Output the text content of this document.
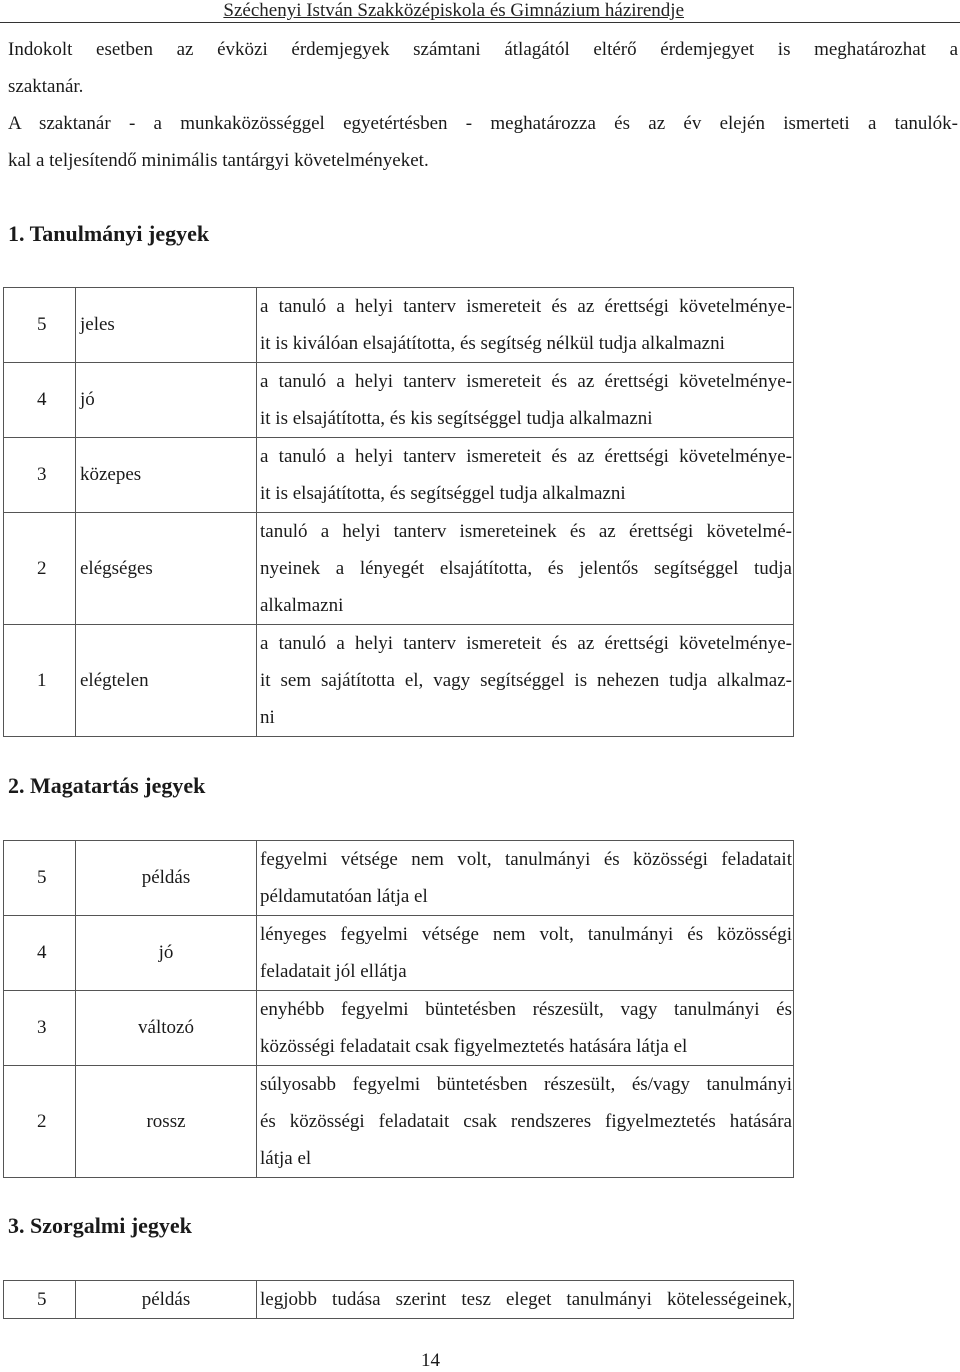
Széchenyi István Szakközépiskola és Gimnázium házirendje
Indokolt esetben az évközi érdemjegyek számtani átlagától eltérő érdemjegyet is meghatározhat a
szaktanár.
A szaktanár - a munkaközösséggel egyetértésben - meghatározza és az év elején ismerteti a tanulók-
kal a teljesítendő minimális tantárgyi követelményeket.
1. Tanulmányi jegyek
5	jeles	a tanuló a helyi tanterv ismereteit és az érettségi követelménye-
it is kiválóan elsajátította, és segítség nélkül tudja alkalmazni

4	jó	a tanuló a helyi tanterv ismereteit és az érettségi követelménye-
it is elsajátította, és kis segítséggel tudja alkalmazni

3	közepes	a tanuló a helyi tanterv ismereteit és az érettségi követelménye-
it is elsajátította, és segítséggel tudja alkalmazni

2	elégséges	tanuló a helyi tanterv ismereteinek és az érettségi követelmé-
nyeinek a lényegét elsajátította, és jelentős segítséggel tudja
alkalmazni

1	elégtelen	a tanuló a helyi tanterv ismereteit és az érettségi követelménye-
it sem sajátította el, vagy segítséggel is nehezen tudja alkalmaz-
ni
2. Magatartás jegyek
5	példás	fegyelmi vétsége nem volt, tanulmányi és közösségi feladatait
példamutatóan látja el

4	jó	lényeges fegyelmi vétsége nem volt, tanulmányi és közösségi
feladatait jól ellátja

3	változó	enyhébb fegyelmi büntetésben részesült, vagy tanulmányi és
közösségi feladatait csak figyelmeztetés hatására látja el

2	rossz	súlyosabb fegyelmi büntetésben részesült, és/vagy tanulmányi
és közösségi feladatait csak rendszeres figyelmeztetés hatására
látja el
3. Szorgalmi jegyek
5	példás	legjobb tudása szerint tesz eleget tanulmányi kötelességeinek,
14
